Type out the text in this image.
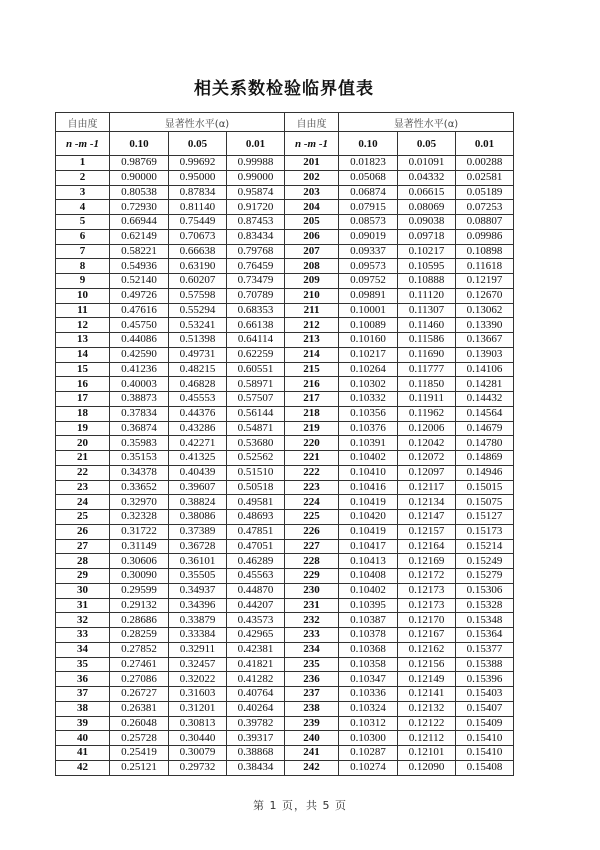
相关系数检验临界值表
自由度	显著性水平(α)			自由度	显著性水平(α)		
n -m -1	0.10	0.05	0.01	n -m -1	0.10	0.05	0.01
1	0.98769	0.99692	0.99988	201	0.01823	0.01091	0.00288
2	0.90000	0.95000	0.99000	202	0.05068	0.04332	0.02581
3	0.80538	0.87834	0.95874	203	0.06874	0.06615	0.05189
4	0.72930	0.81140	0.91720	204	0.07915	0.08069	0.07253
5	0.66944	0.75449	0.87453	205	0.08573	0.09038	0.08807
6	0.62149	0.70673	0.83434	206	0.09019	0.09718	0.09986
7	0.58221	0.66638	0.79768	207	0.09337	0.10217	0.10898
8	0.54936	0.63190	0.76459	208	0.09573	0.10595	0.11618
9	0.52140	0.60207	0.73479	209	0.09752	0.10888	0.12197
10	0.49726	0.57598	0.70789	210	0.09891	0.11120	0.12670
11	0.47616	0.55294	0.68353	211	0.10001	0.11307	0.13062
12	0.45750	0.53241	0.66138	212	0.10089	0.11460	0.13390
13	0.44086	0.51398	0.64114	213	0.10160	0.11586	0.13667
14	0.42590	0.49731	0.62259	214	0.10217	0.11690	0.13903
15	0.41236	0.48215	0.60551	215	0.10264	0.11777	0.14106
16	0.40003	0.46828	0.58971	216	0.10302	0.11850	0.14281
17	0.38873	0.45553	0.57507	217	0.10332	0.11911	0.14432
18	0.37834	0.44376	0.56144	218	0.10356	0.11962	0.14564
19	0.36874	0.43286	0.54871	219	0.10376	0.12006	0.14679
20	0.35983	0.42271	0.53680	220	0.10391	0.12042	0.14780
21	0.35153	0.41325	0.52562	221	0.10402	0.12072	0.14869
22	0.34378	0.40439	0.51510	222	0.10410	0.12097	0.14946
23	0.33652	0.39607	0.50518	223	0.10416	0.12117	0.15015
24	0.32970	0.38824	0.49581	224	0.10419	0.12134	0.15075
25	0.32328	0.38086	0.48693	225	0.10420	0.12147	0.15127
26	0.31722	0.37389	0.47851	226	0.10419	0.12157	0.15173
27	0.31149	0.36728	0.47051	227	0.10417	0.12164	0.15214
28	0.30606	0.36101	0.46289	228	0.10413	0.12169	0.15249
29	0.30090	0.35505	0.45563	229	0.10408	0.12172	0.15279
30	0.29599	0.34937	0.44870	230	0.10402	0.12173	0.15306
31	0.29132	0.34396	0.44207	231	0.10395	0.12173	0.15328
32	0.28686	0.33879	0.43573	232	0.10387	0.12170	0.15348
33	0.28259	0.33384	0.42965	233	0.10378	0.12167	0.15364
34	0.27852	0.32911	0.42381	234	0.10368	0.12162	0.15377
35	0.27461	0.32457	0.41821	235	0.10358	0.12156	0.15388
36	0.27086	0.32022	0.41282	236	0.10347	0.12149	0.15396
37	0.26727	0.31603	0.40764	237	0.10336	0.12141	0.15403
38	0.26381	0.31201	0.40264	238	0.10324	0.12132	0.15407
39	0.26048	0.30813	0.39782	239	0.10312	0.12122	0.15409
40	0.25728	0.30440	0.39317	240	0.10300	0.12112	0.15410
41	0.25419	0.30079	0.38868	241	0.10287	0.12101	0.15410
42	0.25121	0.29732	0.38434	242	0.10274	0.12090	0.15408
第 1 页，共 5 页
